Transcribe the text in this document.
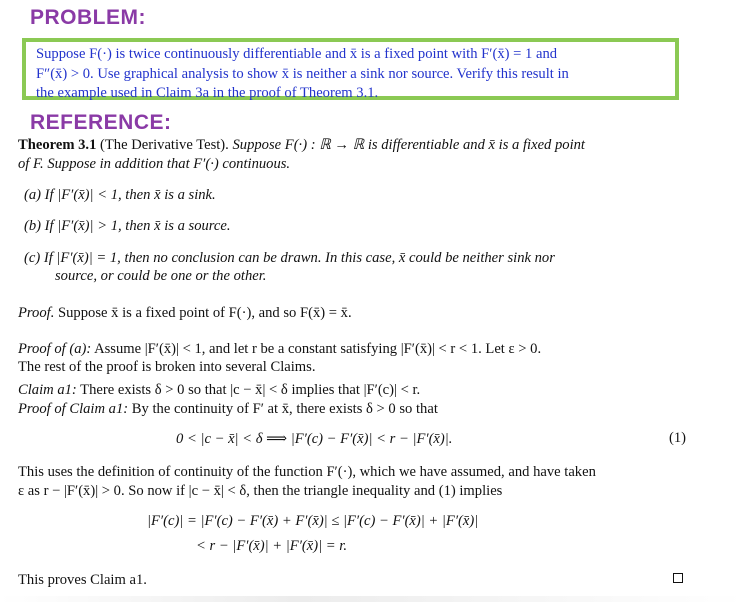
PROBLEM:
Suppose F(·) is twice continuously differentiable and x̄ is a fixed point with F′(x̄) = 1 and
F″(x̄) > 0. Use graphical analysis to show x̄ is neither a sink nor source. Verify this result in
the example used in Claim 3a in the proof of Theorem 3.1.
REFERENCE:
Theorem 3.1 (The Derivative Test). Suppose F(·) : ℝ → ℝ is differentiable and x̄ is a fixed point
of F. Suppose in addition that F′(·) continuous.
(a) If |F′(x̄)| < 1, then x̄ is a sink.
(b) If |F′(x̄)| > 1, then x̄ is a source.
(c) If |F′(x̄)| = 1, then no conclusion can be drawn. In this case, x̄ could be neither sink nor
source, or could be one or the other.
Proof. Suppose x̄ is a fixed point of F(·), and so F(x̄) = x̄.
Proof of (a): Assume |F′(x̄)| < 1, and let r be a constant satisfying |F′(x̄)| < r < 1. Let ε > 0.
The rest of the proof is broken into several Claims.
Claim a1: There exists δ > 0 so that |c − x̄| < δ implies that |F′(c)| < r.
Proof of Claim a1: By the continuity of F′ at x̄, there exists δ > 0 so that
0 < |c − x̄| < δ ⟹ |F′(c) − F′(x̄)| < r − |F′(x̄)|.	(1)
This uses the definition of continuity of the function F′(·), which we have assumed, and have taken
ε as r − |F′(x̄)| > 0. So now if |c − x̄| < δ, then the triangle inequality and (1) implies
|F′(c)| = |F′(c) − F′(x̄) + F′(x̄)| ≤ |F′(c) − F′(x̄)| + |F′(x̄)|
< r − |F′(x̄)| + |F′(x̄)| = r.
This proves Claim a1.
